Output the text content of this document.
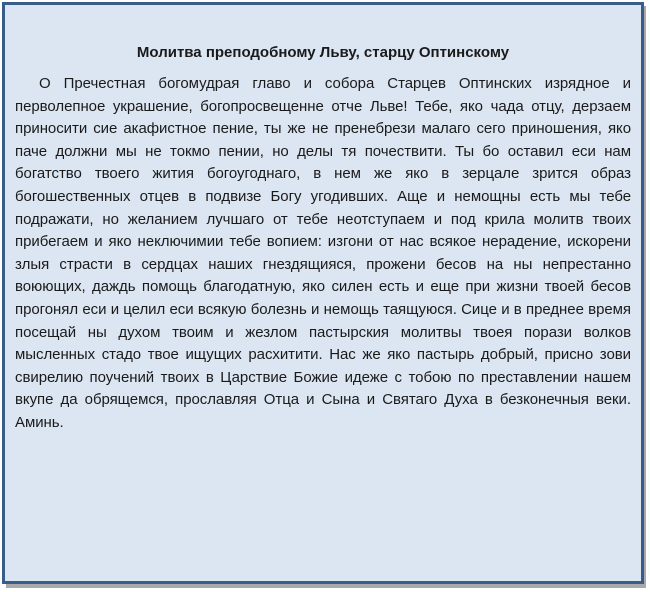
Молитва преподобному Льву, старцу Оптинскому

О Пречестная богомудрая главо и собора Старцев Оптинских изрядное и перволепное украшение, богопросвещенне отче Льве! Тебе, яко чада отцу, дерзаем приносити сие акафистное пение, ты же не пренебрези малаго сего приношения, яко паче должни мы не токмо пении, но делы тя почествити. Ты бо оставил еси нам богатство твоего жития богоугоднаго, в нем же яко в зерцале зрится образ богошественных отцев в подвизе Богу угодивших. Аще и немощны есть мы тебе подражати, но желанием лучшаго от тебе неотступаем и под крила молитв твоих прибегаем и яко неключимии тебе вопием: изгони от нас всякое нерадение, искорени злыя страсти в сердцах наших гнездящияся, прожени бесов на ны непрестанно воюющих, даждь помощь благодатную, яко силен есть и еще при жизни твоей бесов прогонял еси и целил еси всякую болезнь и немощь таящуюся. Сице и в преднее время посещай ны духом твоим и жезлом пастырския молитвы твоея порази волков мысленных стадо твое ищущих расхитити. Нас же яко пастырь добрый, присно зови свирелию поучений твоих в Царствие Божие идеже с тобою по преставлении нашем вкупе да обрящемся, прославляя Отца и Сына и Святаго Духа в безконечныя веки. Аминь.
